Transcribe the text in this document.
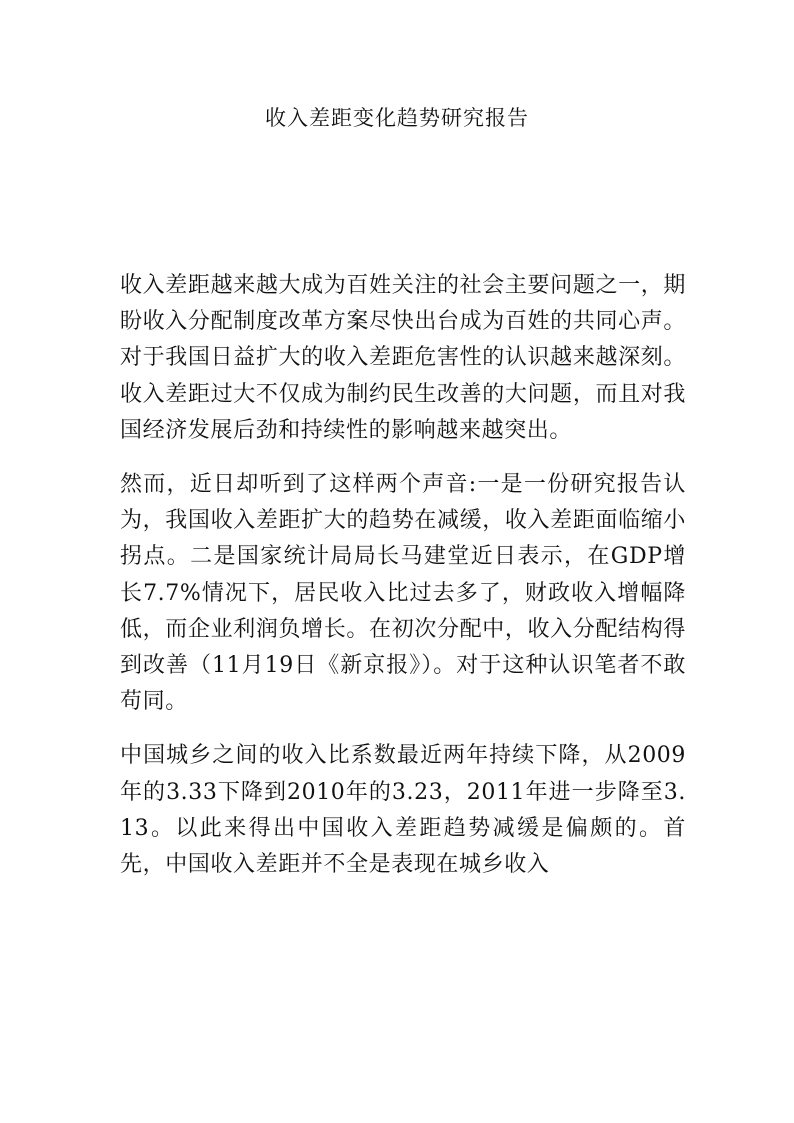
收入差距变化趋势研究报告

收入差距越来越大成为百姓关注的社会主要问题之一，期盼收入分配制度改革方案尽快出台成为百姓的共同心声。对于我国日益扩大的收入差距危害性的认识越来越深刻。收入差距过大不仅成为制约民生改善的大问题，而且对我国经济发展后劲和持续性的影响越来越突出。

然而，近日却听到了这样两个声音:一是一份研究报告认为，我国收入差距扩大的趋势在减缓，收入差距面临缩小拐点。二是国家统计局局长马建堂近日表示，在GDP增长7.7%情况下，居民收入比过去多了，财政收入增幅降低，而企业利润负增长。在初次分配中，收入分配结构得到改善（11月19日《新京报》）。对于这种认识笔者不敢苟同。

中国城乡之间的收入比系数最近两年持续下降，从2009年的3.33下降到2010年的3.23，2011年进一步降至3.13。以此来得出中国收入差距趋势减缓是偏颇的。首先，中国收入差距并不全是表现在城乡收入
